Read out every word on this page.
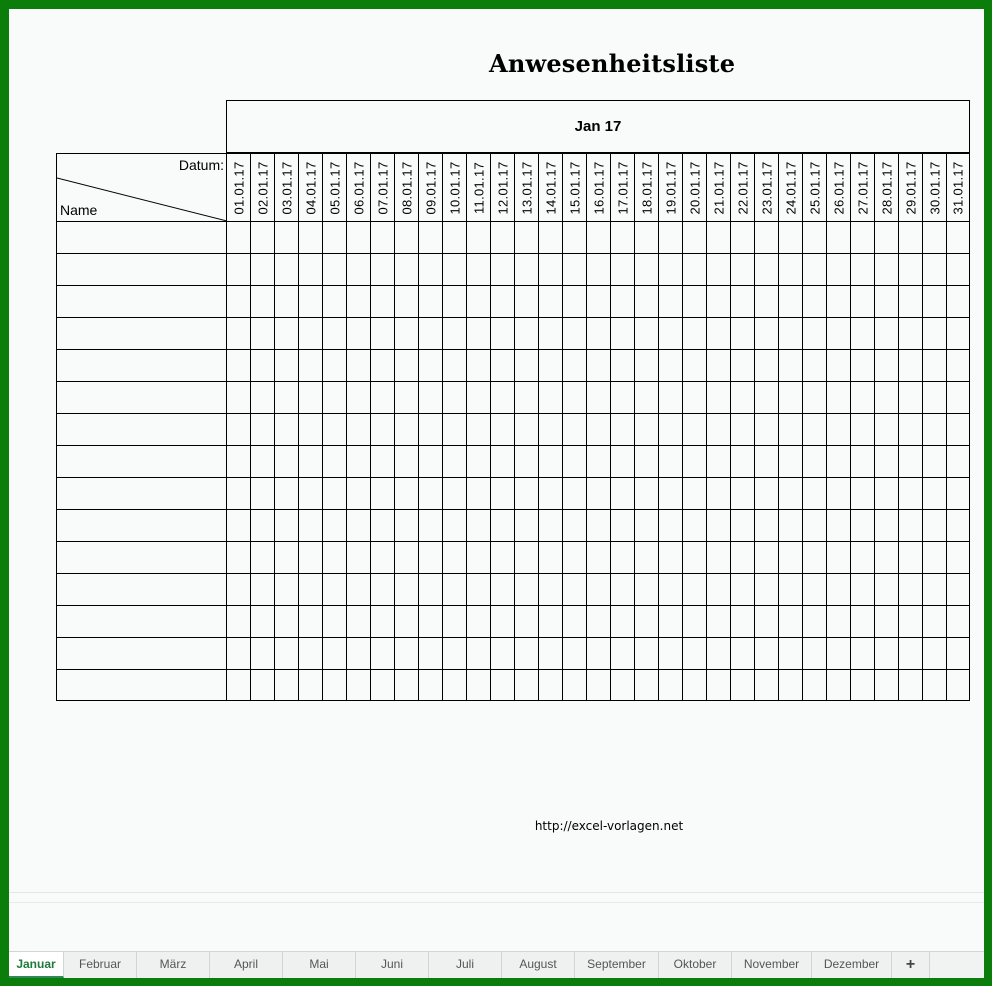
Anwesenheitsliste
Jan 17
Datum:
Name	01.01.17 02.01.17 03.01.17 04.01.17 05.01.17 06.01.17 07.01.17 08.01.17 09.01.17 10.01.17 11.01.17 12.01.17 13.01.17 14.01.17 15.01.17 16.01.17 17.01.17 18.01.17 19.01.17 20.01.17 21.01.17 22.01.17 23.01.17 24.01.17 25.01.17 26.01.17 27.01.17 28.01.17 29.01.17 30.01.17 31.01.17
http://excel-vorlagen.net
Januar	Februar	März	April	Mai	Juni	Juli	August	September	Oktober	November	Dezember	+
